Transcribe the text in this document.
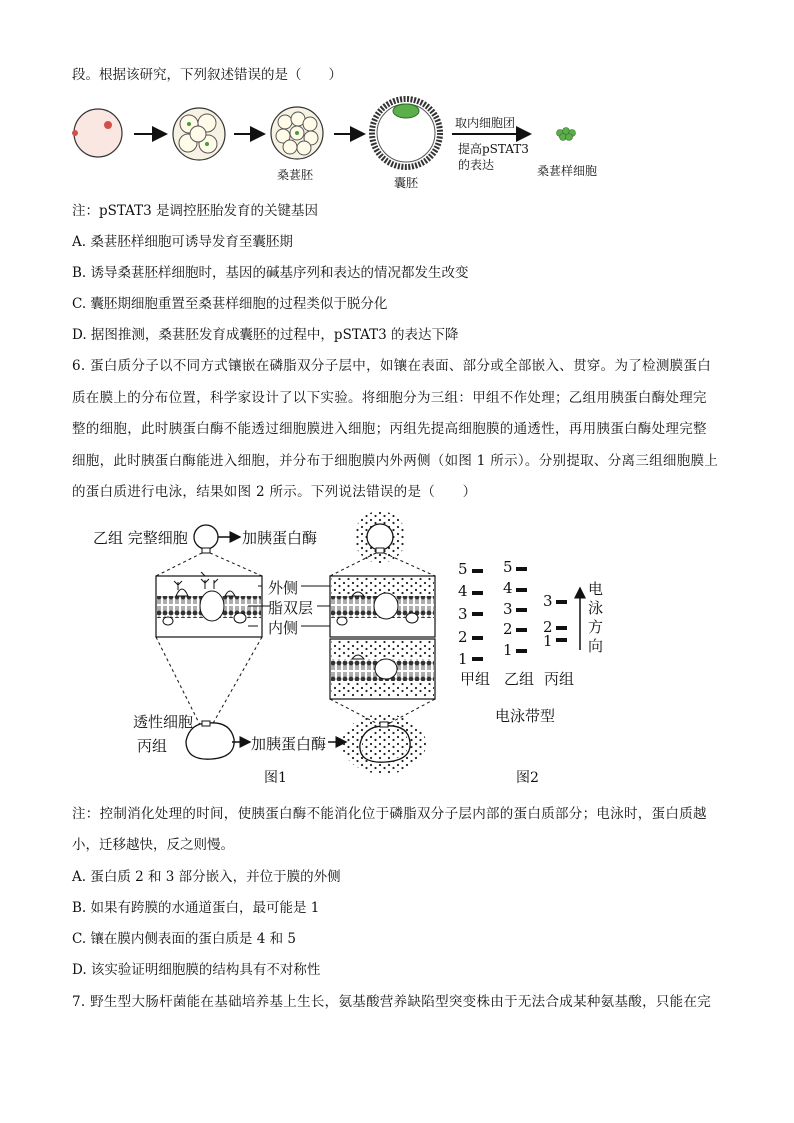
段。根据该研究，下列叙述错误的是（　　）
注：pSTAT3 是调控胚胎发育的关键基因
A. 桑葚胚样细胞可诱导发育至囊胚期
B. 诱导桑葚胚样细胞时，基因的碱基序列和表达的情况都发生改变
C. 囊胚期细胞重置至桑葚样细胞的过程类似于脱分化
D. 据图推测，桑葚胚发育成囊胚的过程中，pSTAT3 的表达下降
6. 蛋白质分子以不同方式镶嵌在磷脂双分子层中，如镶在表面、部分或全部嵌入、贯穿。为了检测膜蛋白
质在膜上的分布位置，科学家设计了以下实验。将细胞分为三组：甲组不作处理；乙组用胰蛋白酶处理完
整的细胞，此时胰蛋白酶不能透过细胞膜进入细胞；丙组先提高细胞膜的通透性，再用胰蛋白酶处理完整
细胞，此时胰蛋白酶能进入细胞，并分布于细胞膜内外两侧（如图 1 所示）。分别提取、分离三组细胞膜上
的蛋白质进行电泳，结果如图 2 所示。下列说法错误的是（　　）
注：控制消化处理的时间，使胰蛋白酶不能消化位于磷脂双分子层内部的蛋白质部分；电泳时，蛋白质越
小，迁移越快，反之则慢。
A. 蛋白质 2 和 3 部分嵌入，并位于膜的外侧
B. 如果有跨膜的水通道蛋白，最可能是 1
C. 镶在膜内侧表面的蛋白质是 4 和 5
D. 该实验证明细胞膜的结构具有不对称性
7. 野生型大肠杆菌能在基础培养基上生长，氨基酸营养缺陷型突变株由于无法合成某种氨基酸，只能在完
桑葚胚
囊胚
取内细胞团
提高pSTAT3
的表达	桑葚样细胞
乙组 完整细胞	加胰蛋白酶
外侧
脂双层
内侧
透性细胞
丙组	加胰蛋白酶
图1
5
4
3
2
1
5
4
3
2
1
3
2
1
甲组 乙组 丙组
电泳方向
电泳带型
图2
